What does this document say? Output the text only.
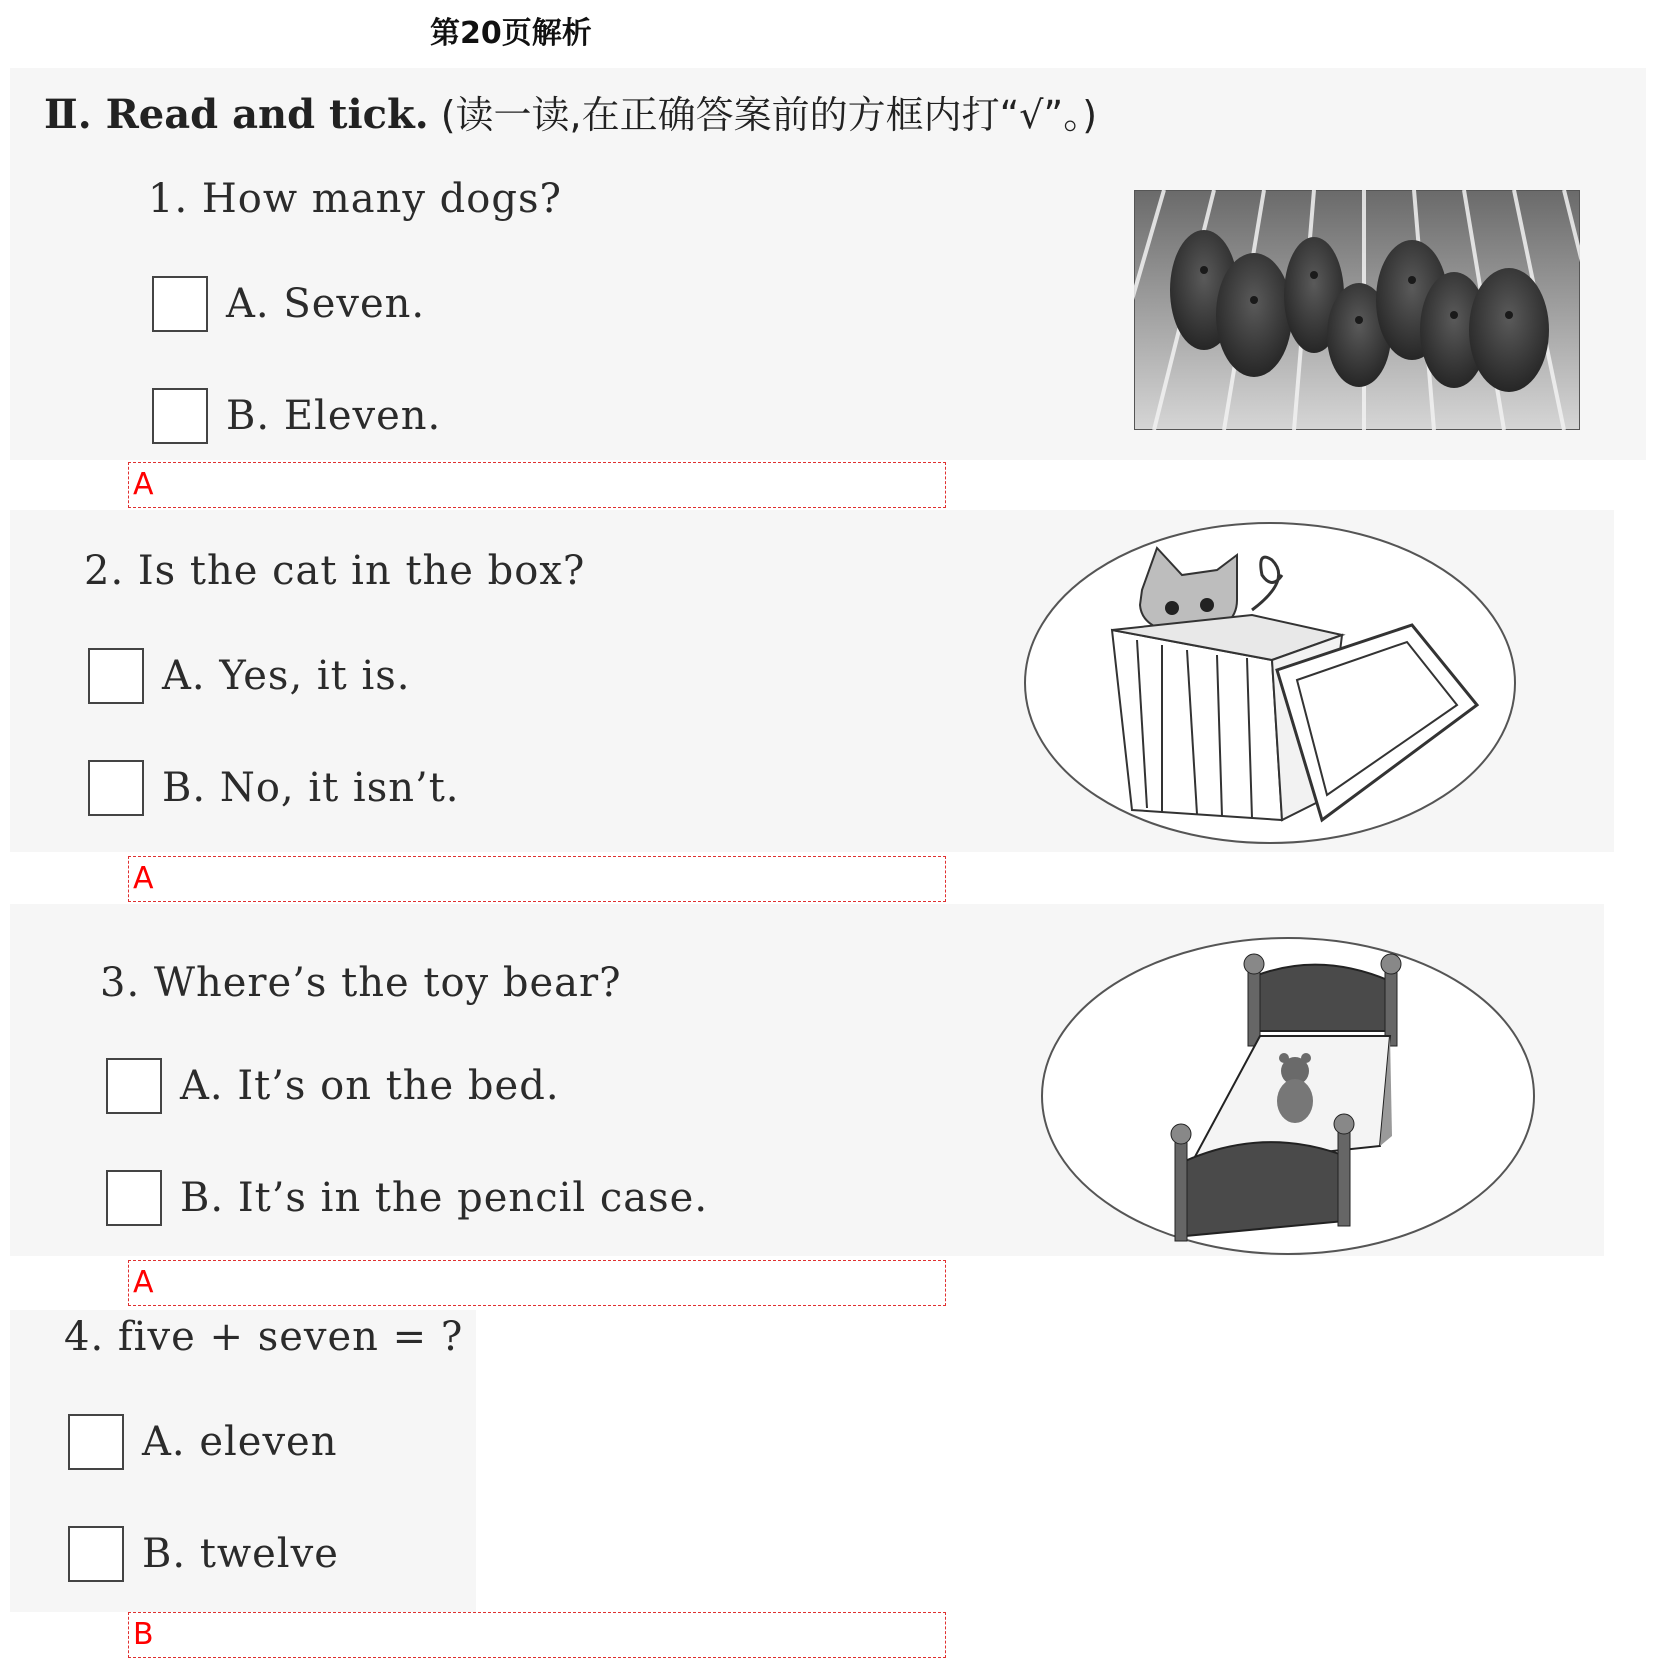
第20页解析
Ⅱ. Read and tick. (读一读,在正确答案前的方框内打“√”。)
1. How many dogs?
A. Seven.
B. Eleven.
A
2. Is the cat in the box?
A. Yes, it is.
B. No, it isn’t.
A
3. Where’s the toy bear?
A. It’s on the bed.
B. It’s in the pencil case.
A
4. five + seven = ?
A. eleven
B. twelve
B
